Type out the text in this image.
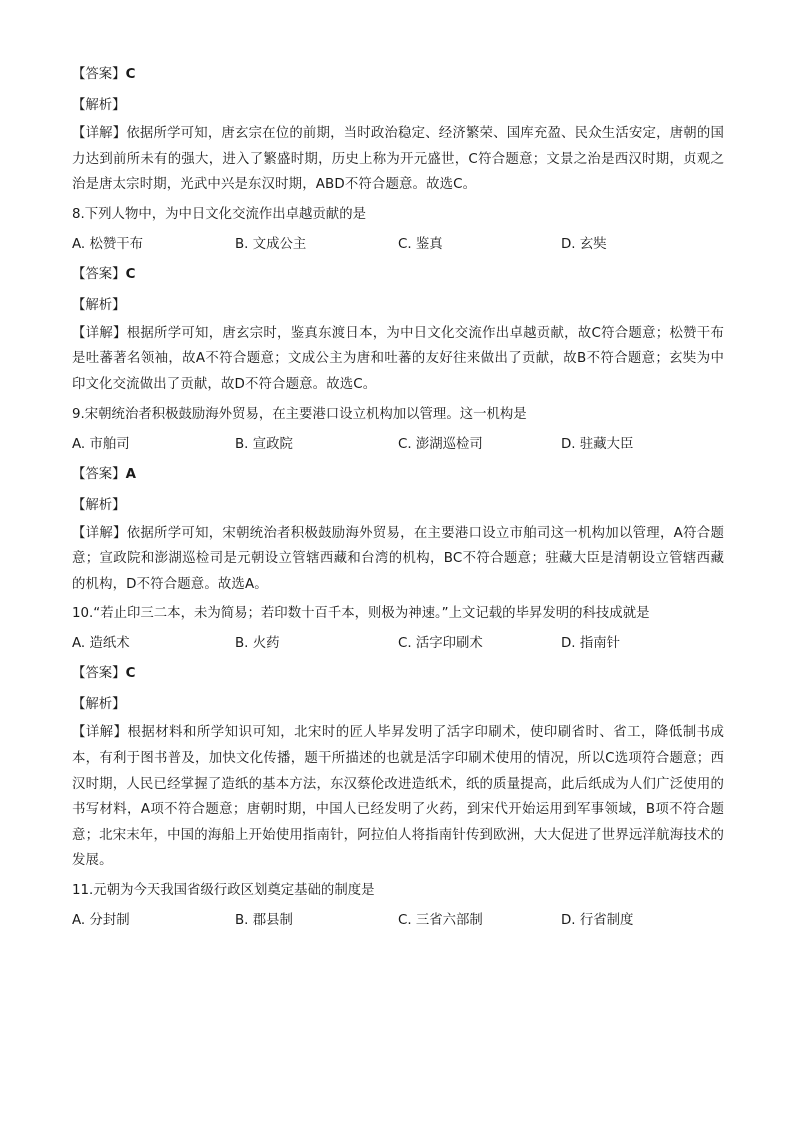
【答案】C

【解析】

【详解】依据所学可知，唐玄宗在位的前期，当时政治稳定、经济繁荣、国库充盈、民众生活安定，唐朝的国力达到前所未有的强大，进入了繁盛时期，历史上称为开元盛世，C符合题意；文景之治是西汉时期，贞观之治是唐太宗时期，光武中兴是东汉时期，ABD不符合题意。故选C。

8.下列人物中，为中日文化交流作出卓越贡献的是

A. 松赞干布	B. 文成公主	C. 鉴真	D. 玄奘

【答案】C

【解析】

【详解】根据所学可知，唐玄宗时，鉴真东渡日本，为中日文化交流作出卓越贡献，故C符合题意；松赞干布是吐蕃著名领袖，故A不符合题意；文成公主为唐和吐蕃的友好往来做出了贡献，故B不符合题意；玄奘为中印文化交流做出了贡献，故D不符合题意。故选C。

9.宋朝统治者积极鼓励海外贸易，在主要港口设立机构加以管理。这一机构是

A. 市舶司	B. 宣政院	C. 澎湖巡检司	D. 驻藏大臣

【答案】A

【解析】

【详解】依据所学可知，宋朝统治者积极鼓励海外贸易，在主要港口设立市舶司这一机构加以管理，A符合题意；宣政院和澎湖巡检司是元朝设立管辖西藏和台湾的机构，BC不符合题意；驻藏大臣是清朝设立管辖西藏的机构，D不符合题意。故选A。

10.“若止印三二本，未为简易；若印数十百千本，则极为神速。”上文记载的毕昇发明的科技成就是

A. 造纸术	B. 火药	C. 活字印刷术	D. 指南针

【答案】C

【解析】

【详解】根据材料和所学知识可知，北宋时的匠人毕昇发明了活字印刷术，使印刷省时、省工，降低制书成本，有利于图书普及，加快文化传播，题干所描述的也就是活字印刷术使用的情况，所以C选项符合题意；西汉时期，人民已经掌握了造纸的基本方法，东汉蔡伦改进造纸术，纸的质量提高，此后纸成为人们广泛使用的书写材料，A项不符合题意；唐朝时期，中国人已经发明了火药，到宋代开始运用到军事领域，B项不符合题意；北宋末年，中国的海船上开始使用指南针，阿拉伯人将指南针传到欧洲，大大促进了世界远洋航海技术的发展。

11.元朝为今天我国省级行政区划奠定基础的制度是

A. 分封制	B. 郡县制	C. 三省六部制	D. 行省制度
